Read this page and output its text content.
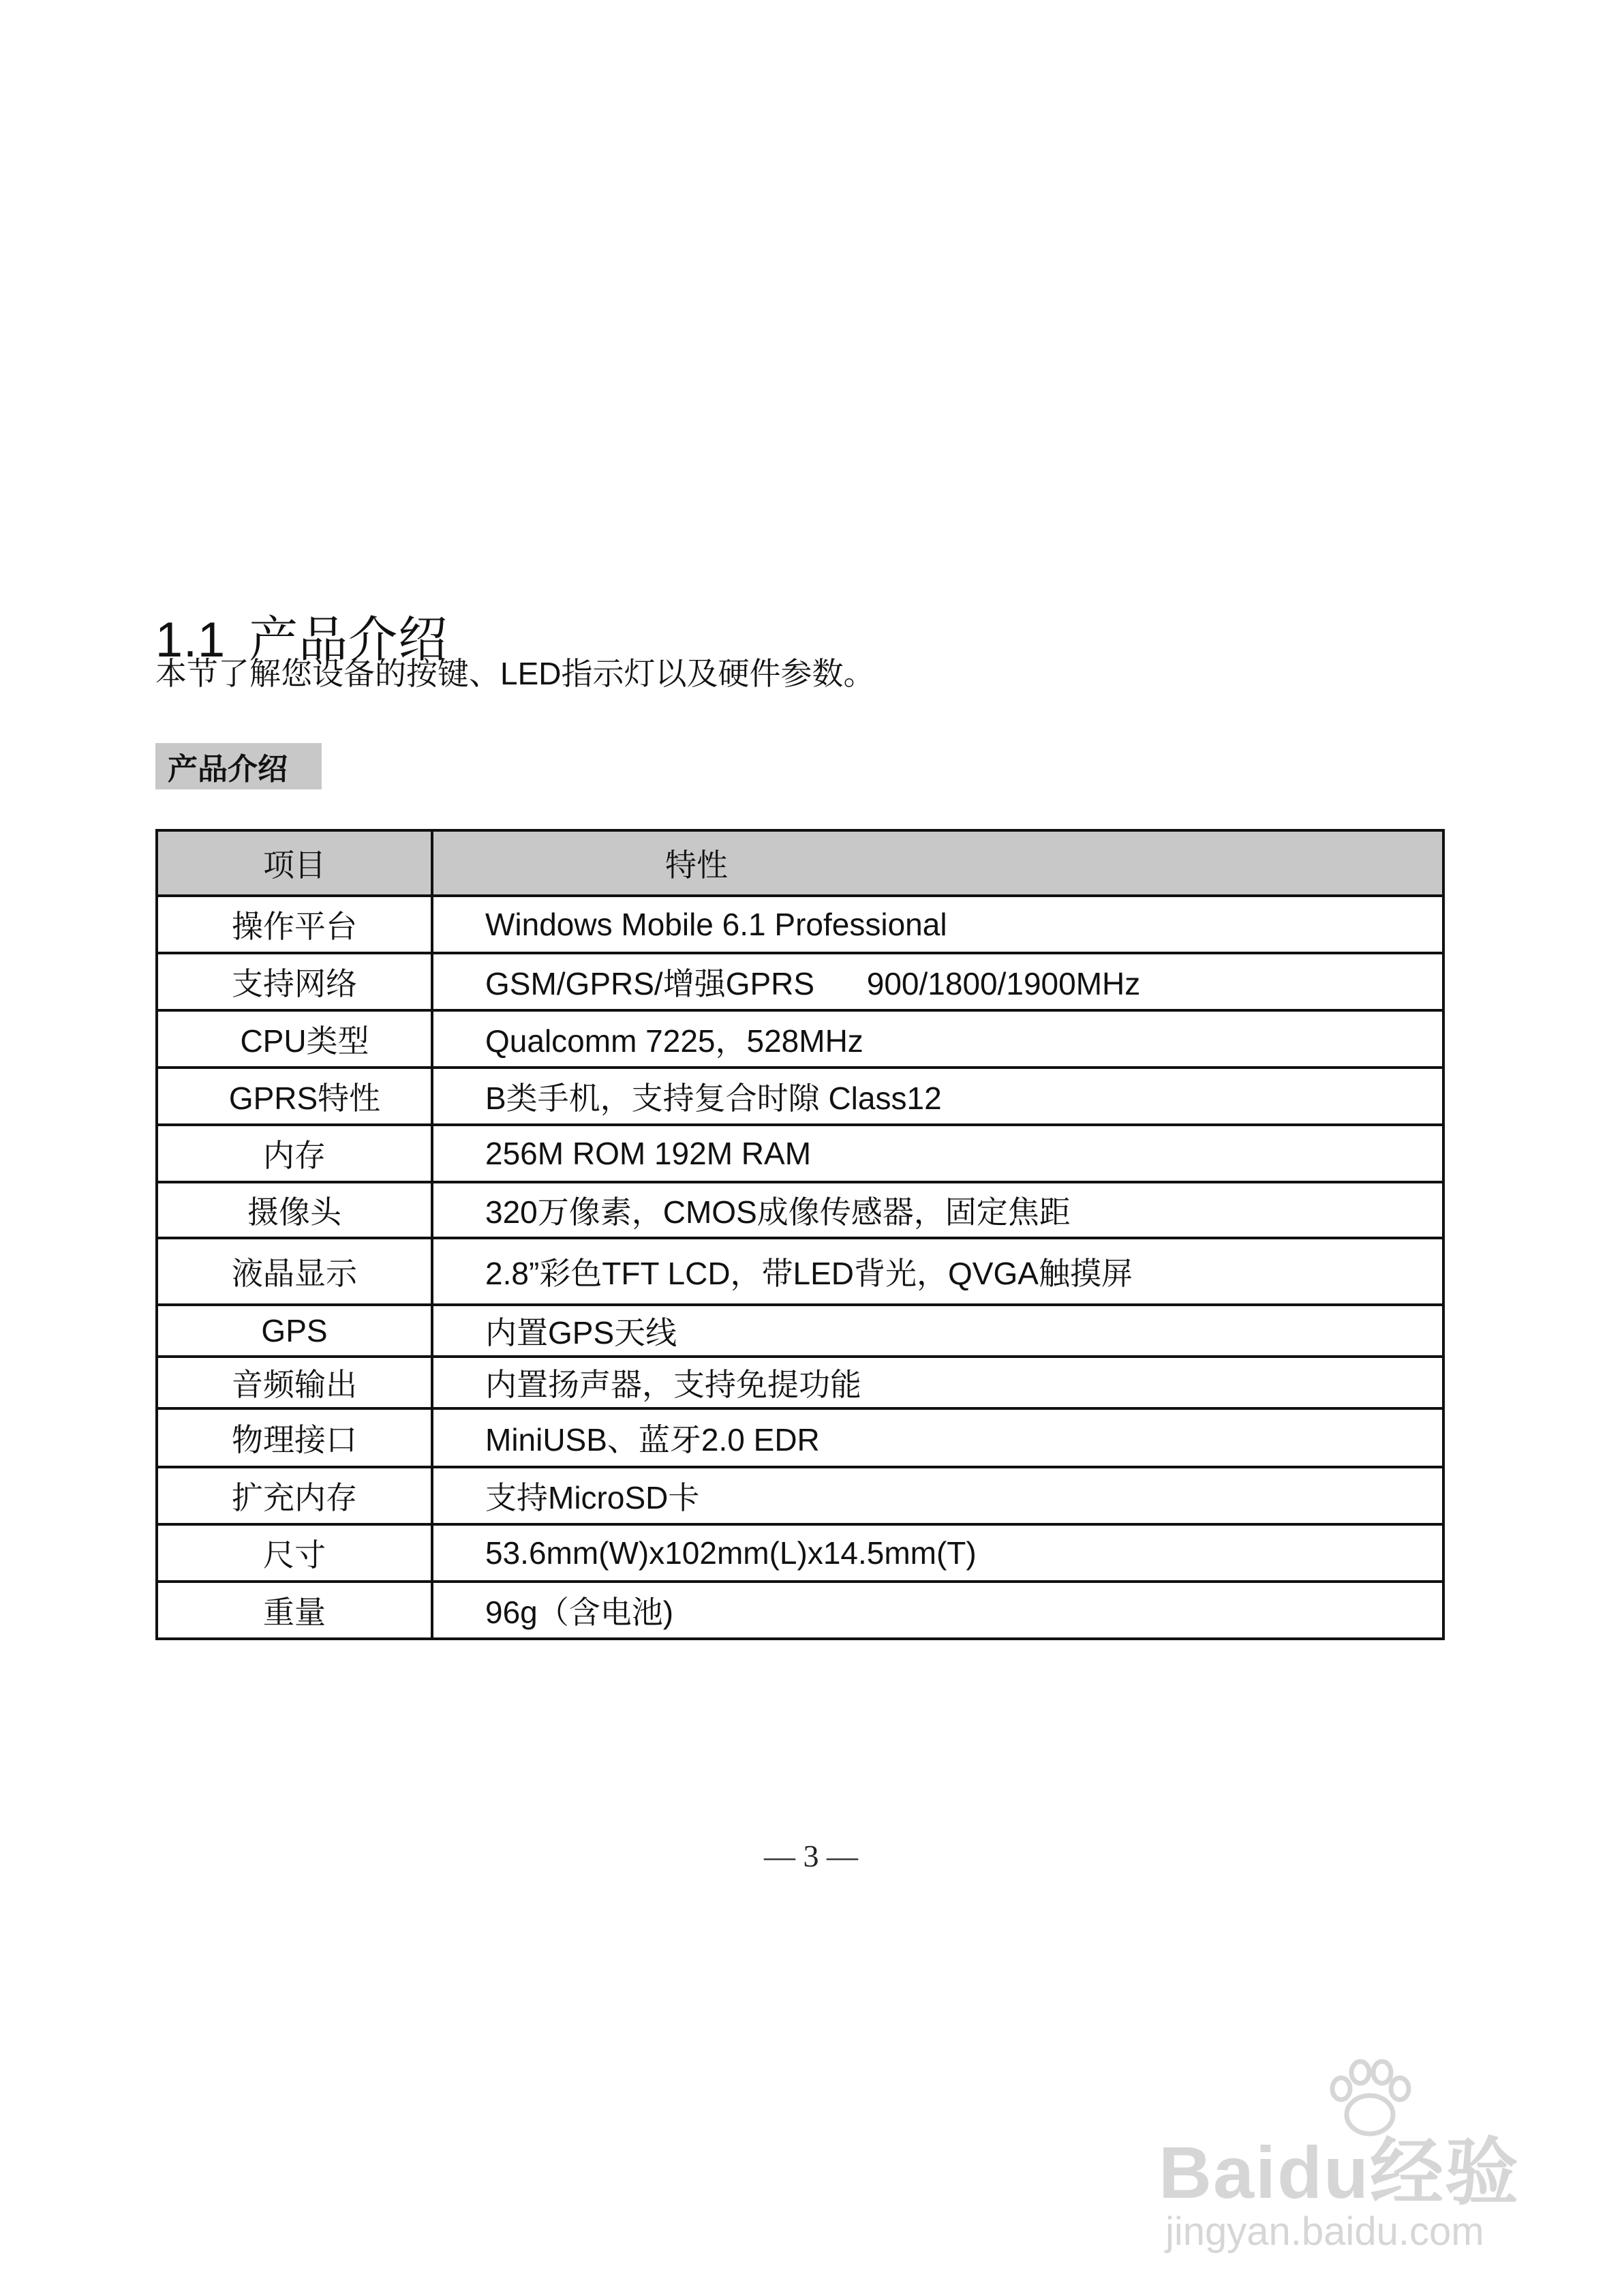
1.1 产品介绍
本节了解您设备的按键、LED指示灯以及硬件参数。
产品介绍
项目	特性
操作平台	Windows Mobile 6.1 Professional
支持网络	GSM/GPRS/增强GPRS      900/1800/1900MHz
CPU类型	Qualcomm 7225，528MHz
GPRS特性	B类手机，支持复合时隙 Class12
内存	256M ROM 192M RAM
摄像头	320万像素，CMOS成像传感器，固定焦距
液晶显示	2.8”彩色TFT LCD，带LED背光，QVGA触摸屏
GPS	内置GPS天线
音频输出	内置扬声器，支持免提功能
物理接口	MiniUSB、蓝牙2.0 EDR
扩充内存	支持MicroSD卡
尺寸	53.6mm(W)x102mm(L)x14.5mm(T)
重量	96g（含电池)
— 3 —
Baidu经验
jingyan.baidu.com
